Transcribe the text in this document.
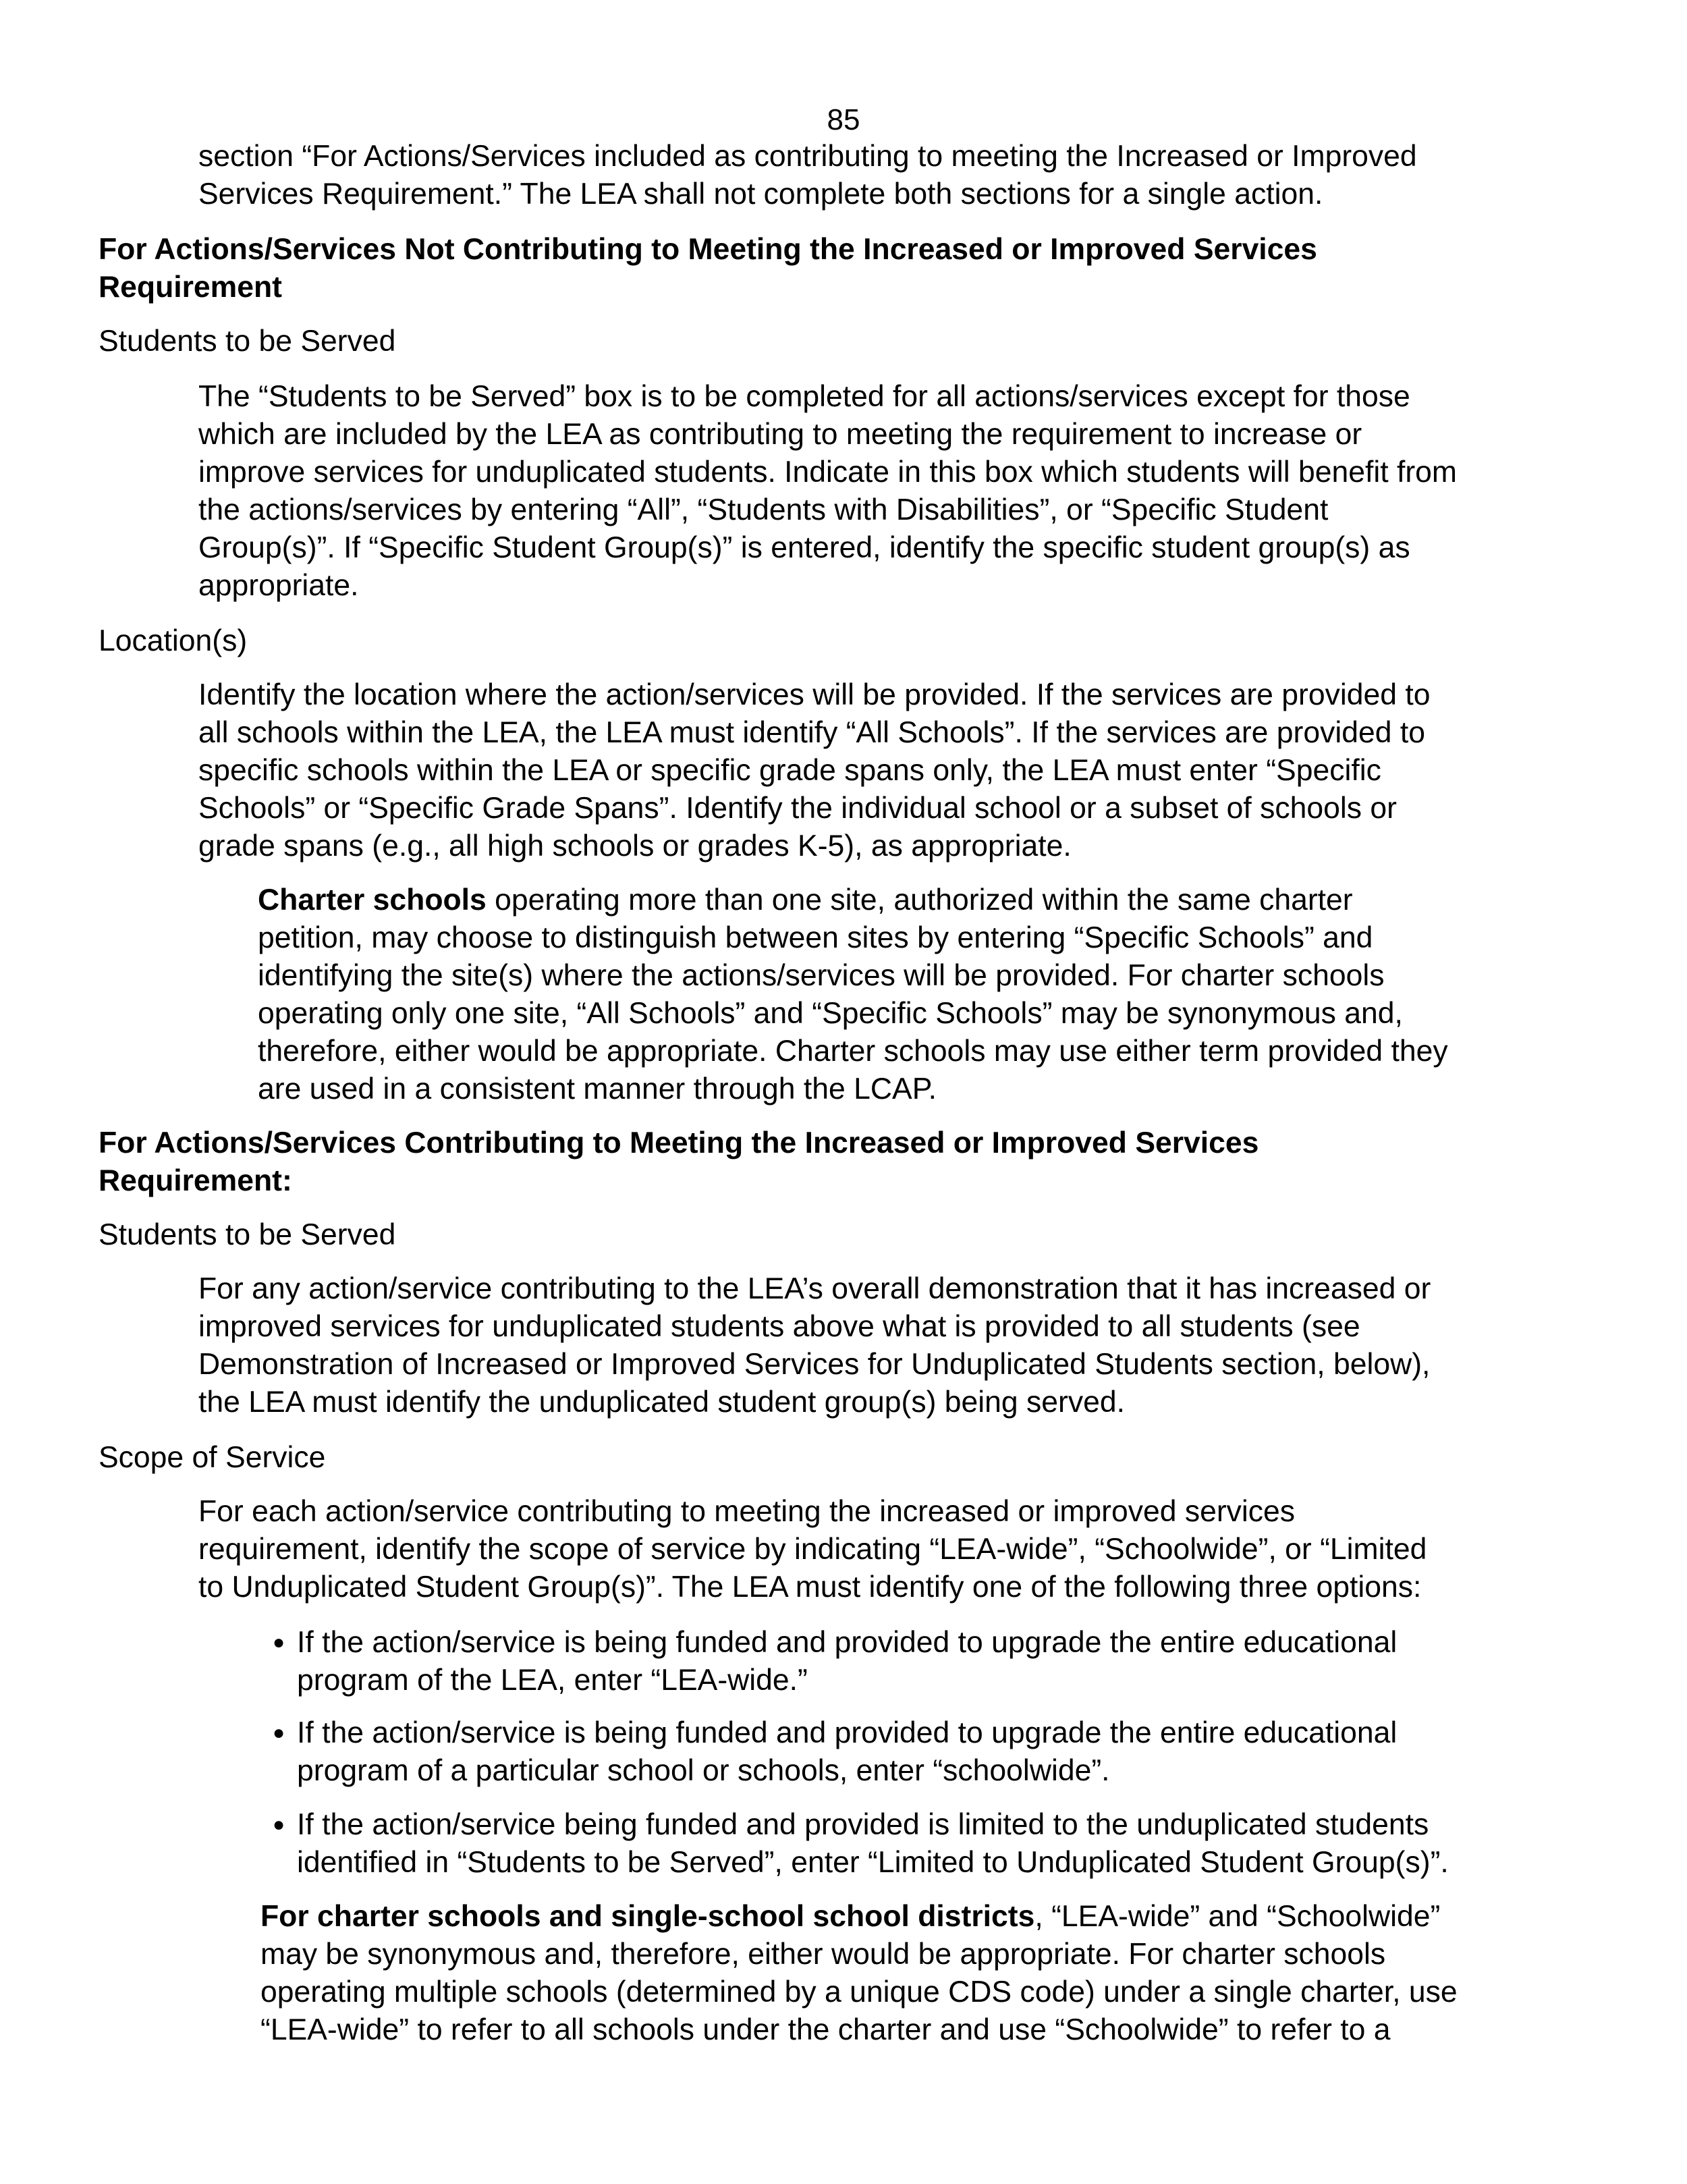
85
section “For Actions/Services included as contributing to meeting the Increased or Improved
Services Requirement.” The LEA shall not complete both sections for a single action.
For Actions/Services Not Contributing to Meeting the Increased or Improved Services
Requirement
Students to be Served
The “Students to be Served” box is to be completed for all actions/services except for those
which are included by the LEA as contributing to meeting the requirement to increase or
improve services for unduplicated students. Indicate in this box which students will benefit from
the actions/services by entering “All”, “Students with Disabilities”, or “Specific Student
Group(s)”. If “Specific Student Group(s)” is entered, identify the specific student group(s) as
appropriate.
Location(s)
Identify the location where the action/services will be provided. If the services are provided to
all schools within the LEA, the LEA must identify “All Schools”. If the services are provided to
specific schools within the LEA or specific grade spans only, the LEA must enter “Specific
Schools” or “Specific Grade Spans”. Identify the individual school or a subset of schools or
grade spans (e.g., all high schools or grades K-5), as appropriate.
Charter schools operating more than one site, authorized within the same charter
petition, may choose to distinguish between sites by entering “Specific Schools” and
identifying the site(s) where the actions/services will be provided. For charter schools
operating only one site, “All Schools” and “Specific Schools” may be synonymous and,
therefore, either would be appropriate. Charter schools may use either term provided they
are used in a consistent manner through the LCAP.
For Actions/Services Contributing to Meeting the Increased or Improved Services
Requirement:
Students to be Served
For any action/service contributing to the LEA’s overall demonstration that it has increased or
improved services for unduplicated students above what is provided to all students (see
Demonstration of Increased or Improved Services for Unduplicated Students section, below),
the LEA must identify the unduplicated student group(s) being served.
Scope of Service
For each action/service contributing to meeting the increased or improved services
requirement, identify the scope of service by indicating “LEA-wide”, “Schoolwide”, or “Limited
to Unduplicated Student Group(s)”. The LEA must identify one of the following three options:
● If the action/service is being funded and provided to upgrade the entire educational
program of the LEA, enter “LEA-wide.”
● If the action/service is being funded and provided to upgrade the entire educational
program of a particular school or schools, enter “schoolwide”.
● If the action/service being funded and provided is limited to the unduplicated students
identified in “Students to be Served”, enter “Limited to Unduplicated Student Group(s)”.
For charter schools and single-school school districts, “LEA-wide” and “Schoolwide”
may be synonymous and, therefore, either would be appropriate. For charter schools
operating multiple schools (determined by a unique CDS code) under a single charter, use
“LEA-wide” to refer to all schools under the charter and use “Schoolwide” to refer to a
